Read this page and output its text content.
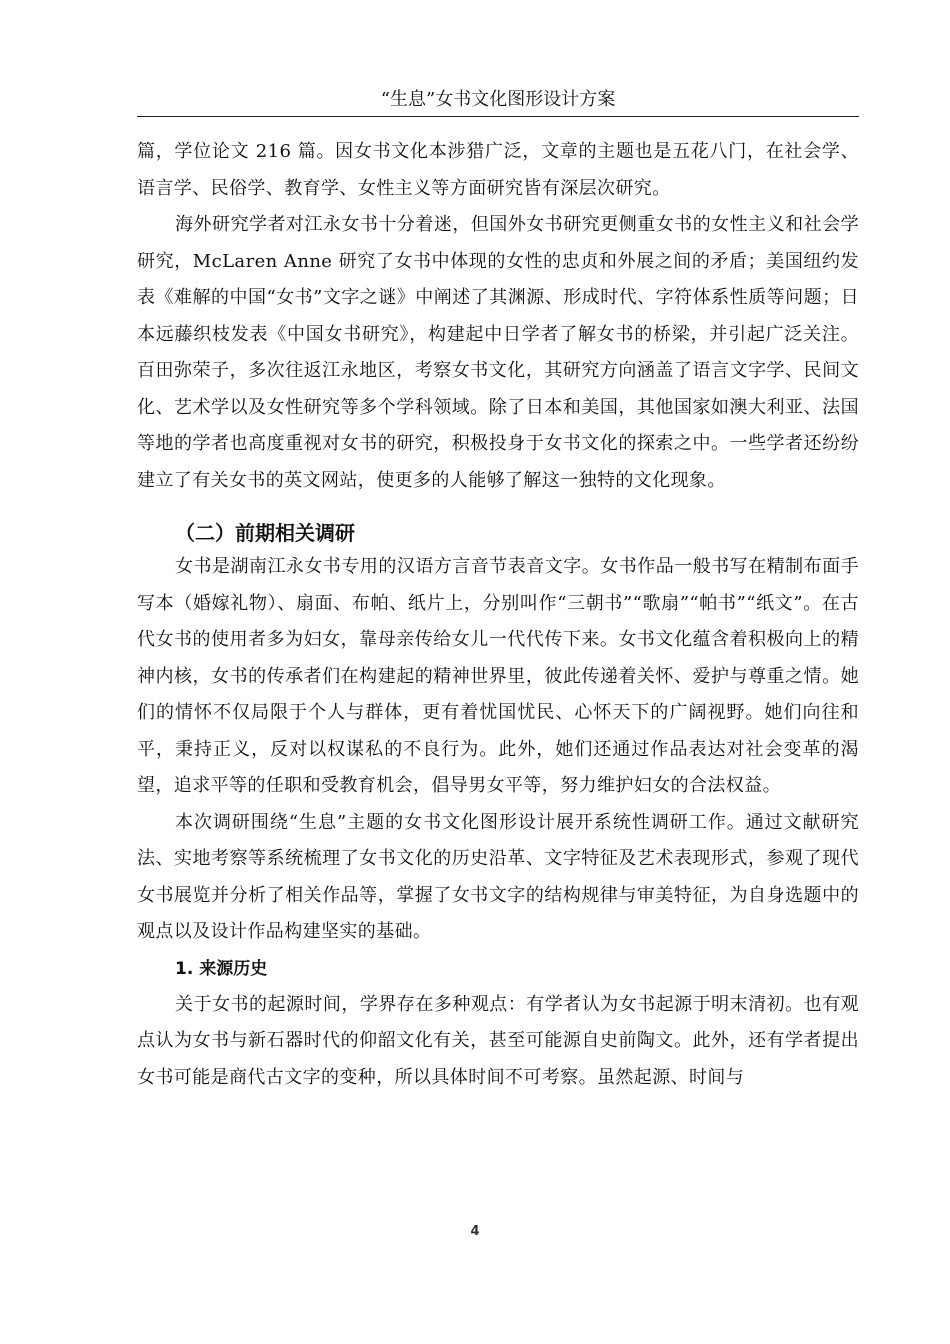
“生息”女书文化图形设计方案

篇，学位论文 216 篇。因女书文化本涉猎广泛，文章的主题也是五花八门，在社会学、语言学、民俗学、教育学、女性主义等方面研究皆有深层次研究。

海外研究学者对江永女书十分着迷，但国外女书研究更侧重女书的女性主义和社会学研究，McLaren Anne 研究了女书中体现的女性的忠贞和外展之间的矛盾；美国纽约发表《难解的中国“女书”文字之谜》中阐述了其渊源、形成时代、字符体系性质等问题；日本远藤织枝发表《中国女书研究》，构建起中日学者了解女书的桥梁，并引起广泛关注。百田弥荣子，多次往返江永地区，考察女书文化，其研究方向涵盖了语言文字学、民间文化、艺术学以及女性研究等多个学科领域。除了日本和美国，其他国家如澳大利亚、法国等地的学者也高度重视对女书的研究，积极投身于女书文化的探索之中。一些学者还纷纷建立了有关女书的英文网站，使更多的人能够了解这一独特的文化现象。

（二）前期相关调研

女书是湖南江永女书专用的汉语方言音节表音文字。女书作品一般书写在精制布面手写本（婚嫁礼物）、扇面、布帕、纸片上，分别叫作“三朝书”“歌扇”“帕书”“纸文”。在古代女书的使用者多为妇女，靠母亲传给女儿一代代传下来。女书文化蕴含着积极向上的精神内核，女书的传承者们在构建起的精神世界里，彼此传递着关怀、爱护与尊重之情。她们的情怀不仅局限于个人与群体，更有着忧国忧民、心怀天下的广阔视野。她们向往和平，秉持正义，反对以权谋私的不良行为。此外，她们还通过作品表达对社会变革的渴望，追求平等的任职和受教育机会，倡导男女平等，努力维护妇女的合法权益。

本次调研围绕“生息”主题的女书文化图形设计展开系统性调研工作。通过文献研究法、实地考察等系统梳理了女书文化的历史沿革、文字特征及艺术表现形式，参观了现代女书展览并分析了相关作品等，掌握了女书文字的结构规律与审美特征，为自身选题中的观点以及设计作品构建坚实的基础。

1. 来源历史

关于女书的起源时间，学界存在多种观点：有学者认为女书起源于明末清初。也有观点认为女书与新石器时代的仰韶文化有关，甚至可能源自史前陶文。此外，还有学者提出女书可能是商代古文字的变种，所以具体时间不可考察。虽然起源、时间与

4
